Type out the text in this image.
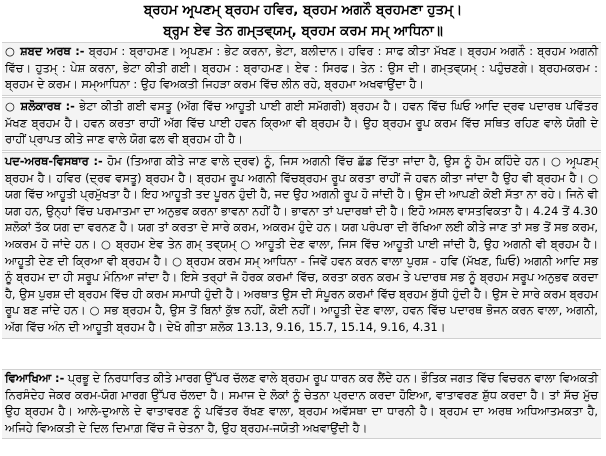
ਬ੍ਰਹਮ ਅਰ੍ਪਣਮ੍ ਬ੍ਰਹਮ ਹਵਿਰ, ਬ੍ਰਹਮ ਅਗਨੌ ਬ੍ਰਹਮਣਾ ਹੁਤਮ੍।
ਬ੍ਰਹ੍ਮ ਏਵ ਤੇਨ ਗਮ੍ਤਵ੍ਯਮ੍, ਬ੍ਰਹਮ ਕਰਮ ਸਮ੍ ਆਧਿਨਾ॥

○ ਸ਼ਬਦ ਅਰਥ :- ਬ੍ਰਹਮ : ਬ੍ਰਾਹਮਣ। ਅਰ੍ਪਣਮ : ਭੇਟ ਕਰਨਾ, ਭੇਟਾ, ਬਲੀਦਾਨ। ਹਵਿਰ : ਸਾਫ ਕੀਤਾ ਮੱਖਣ। ਬ੍ਰਹਮ ਅਗਨੌ : ਬ੍ਰਹਮ ਅਗਨੀ ਵਿੱਚ। ਹੁਤਮ੍ : ਪੇਸ਼ ਕਰਨਾ, ਭੇਟਾ ਕੀਤੀ ਗਈ। ਬ੍ਰਹਮ : ਬ੍ਰਾਹਮਣ। ਏਵ : ਸਿਰਫ। ਤੇਨ : ਉਸ ਦੀ। ਗਮ੍ਤਵ੍ਯਮ੍ : ਪਹੁੰਚਣਗੇ। ਬ੍ਰਹਮਕਰਮ : ਬ੍ਰਹਮ ਦੇ ਕਰਮ। ਸਮ੍ਆਧਿਨਾ : ਉਹ ਵਿਅਕਤੀ ਜਿਹੜਾ ਕਰਮ ਵਿੱਚ ਲੀਨ ਰਹੇ, ਬ੍ਰਹਮਾ ਅਖਵਾਉਂਦਾ ਹੈ।

○ ਸ਼ਲੋਕਾਰਥ :- ਭੇਟਾ ਕੀਤੀ ਗਈ ਵਸਤੂ (ਅੱਗ ਵਿੱਚ ਆਹੂਤੀ ਪਾਈ ਗਈ ਸਮੱਗਰੀ) ਬ੍ਰਹਮ ਹੈ। ਹਵਨ ਵਿੱਚ ਘਿਓ ਆਦਿ ਦ੍ਰਵ ਪਦਾਰਥ ਪਵਿੱਤਰ ਮੱਖਣ ਬ੍ਰਹਮ ਹੈ। ਹਵਨ ਕਰਤਾ ਰਾਹੀਂ ਅੱਗ ਵਿੱਚ ਪਾਈ ਹਵਨ ਕ੍ਰਿਆ ਵੀ ਬ੍ਰਹਮ ਹੈ। ਉਹ ਬ੍ਰਹਮ ਰੂਪ ਕਰਮ ਵਿੱਚ ਸਥਿਤ ਰਹਿਣ ਵਾਲੇ ਯੋਗੀ ਦੇ ਰਾਹੀਂ ਪ੍ਰਾਪਤ ਕੀਤੇ ਜਾਣ ਵਾਲੇ ਯੋਗ ਫਲ ਵੀ ਬ੍ਰਹਮ ਹੀ ਹੈ।

ਪਦ-ਅਰਥ-ਵਿਸਥਾਰ :- ਹੋਮ (ਤਿਆਗ ਕੀਤੇ ਜਾਣ ਵਾਲੇ ਦ੍ਰਵ) ਨੂੰ, ਜਿਸ ਅਗਨੀ ਵਿੱਚ ਛੱਡ ਦਿੱਤਾ ਜਾਂਦਾ ਹੈ, ਉਸ ਨੂੰ ਹੋਮ ਕਹਿੰਦੇ ਹਨ। ○ ਅਰ੍ਪਣਮ੍ ਬ੍ਰਹਮ ਹੈ। ਹਵਿਰ (ਦ੍ਰਵ ਵਸਤੂ) ਬ੍ਰਹਮ ਹੈ। ਬ੍ਰਹਮ ਰੂਪ ਅਗਨੀ ਵਿੱਚਬ੍ਰਹਮ ਰੂਪ ਕਰਤਾ ਰਾਹੀਂ ਜੋ ਹਵਨ ਕੀਤਾ ਜਾਂਦਾ ਹੈ ਉਹ ਵੀ ਬ੍ਰਹਮ ਹੈ। ○ ਯਗ ਵਿੱਚ ਆਹੂਤੀ ਪ੍ਰਮੁੱਖਤਾ ਹੈ। ਇਹ ਆਹੂਤੀ ਤਦ ਪੂਰਨ ਹੁੰਦੀ ਹੈ, ਜਦ ਉਹ ਅਗਨੀ ਰੂਪ ਹੋ ਜਾਂਦੀ ਹੈ। ਉਸ ਦੀ ਆਪਣੀ ਕੋਈ ਸੱਤਾ ਨਾ ਰਹੇ। ਜਿਨੇ ਵੀ ਯਗ ਹਨ, ਉਨ੍ਹਾਂ ਵਿੱਚ ਪਰਮਾਤਮਾ ਦਾ ਅਨੁਭਵ ਕਰਨਾ ਭਾਵਨਾ ਨਹੀਂ ਹੈ। ਭਾਵਨਾ ਤਾਂ ਪਦਾਰਥਾਂ ਦੀ ਹੈ। ਇਹੋ ਅਸਲ ਵਾਸਤਵਿਕਤਾ ਹੈ। 4.24 ਤੋਂ 4.30 ਸ਼ਲੋਕਾਂ ਤੱਕ ਯਗ ਦਾ ਵਰਨਣ ਹੈ। ਯਗ ਤਾਂ ਕਰਤਾ ਦੇ ਸਾਰੇ ਕਰਮ, ਅਕਰਮ ਹੁੰਦੇ ਹਨ। ਯਗ ਪਰੰਪਰਾ ਦੀ ਰੱਖਿਆ ਲਈ ਕੀਤੇ ਜਾਣ ਤਾਂ ਸਭ ਤੋਂ ਸਭ ਕਰਮ, ਅਕਰਮ ਹੋ ਜਾਂਦੇ ਹਨ। ○ ਬ੍ਰਹਮ ਏਵ ਤੇਨ ਗਮ੍ ਤਵ੍ਯਮ੍ ○ ਆਹੂਤੀ ਦੇਣ ਵਾਲਾ, ਜਿਸ ਵਿੱਚ ਆਹੂਤੀ ਪਾਈ ਜਾਂਦੀ ਹੈ, ਉਹ ਅਗਨੀ ਵੀ ਬ੍ਰਹਮ ਹੈ। ਆਹੂਤੀ ਦੇਣ ਦੀ ਕ੍ਰਿਆ ਵੀ ਬ੍ਰਹਮ ਹੈ। ○ ਬ੍ਰਹਮ ਕਰਮ ਸਮ੍ ਆਧਿਨਾ - ਜਿਵੇਂ ਹਵਨ ਕਰਨ ਵਾਲਾ ਪੁਰਸ਼ - ਹਵਿ (ਮੱਖਣ, ਘਿਓ) ਅਗਨੀ ਆਦਿ ਸਭ ਨੂੰ ਬ੍ਰਹਮ ਦਾ ਹੀ ਸਰੂਪ ਮੰਨਿਆ ਜਾਂਦਾ ਹੈ। ਇਸੇ ਤਰ੍ਹਾਂ ਜੋ ਹੋਰਕ ਕਰਮਾਂ ਵਿੱਚ, ਕਰਤਾ ਕਰਨ ਕਰਮ ਤੇ ਪਦਾਰਥ ਸਭ ਨੂੰ ਬ੍ਰਹਮ ਸਰੂਪ ਅਨੁਭਵ ਕਰਦਾ ਹੈ, ਉਸ ਪੁਰਸ਼ ਦੀ ਬ੍ਰਹਮ ਵਿੱਚ ਹੀ ਕਰਮ ਸਮਾਧੀ ਹੁੰਦੀ ਹੈ। ਅਰਥਾਤ ਉਸ ਦੀ ਸੰਪੂਰਨ ਕਰਮਾਂ ਵਿੱਚ ਬ੍ਰਹਮ ਬੁੱਧੀ ਹੁੰਦੀ ਹੈ। ਉਸ ਦੇ ਸਾਰੇ ਕਰਮ ਬ੍ਰਹਮ ਰੂਪ ਬਣ ਜਾਂਦੇ ਹਨ। ○ ਸਭ ਬ੍ਰਹਮ ਹੈ, ਉਸ ਤੋਂ ਬਿਨਾਂ ਕੁੱਝ ਨਹੀਂ, ਕੋਈ ਨਹੀਂ। ਆਹੂਤੀ ਦੇਣ ਵਾਲਾ, ਹਵਨ ਵਿੱਚ ਪਦਾਰਥ ਭੋਜਨ ਕਰਨ ਵਾਲਾ, ਅਗਨੀ, ਅੱਗ ਵਿੱਚ ਅੰਨ ਦੀ ਆਹੂਤੀ ਬ੍ਰਹਮ ਹੈ। ਦੇਖੋ ਗੀਤਾ ਸ਼ਲੋਕ 13.13, 9.16, 15.7, 15.14, 9.16, 4.31।

ਵਿਆਖਿਆ :- ਪ੍ਰਭੂ ਦੇ ਨਿਰਧਾਰਿਤ ਕੀਤੇ ਮਾਰਗ ਉੱਪਰ ਚੱਲਣ ਵਾਲੇ ਬ੍ਰਹਮ ਰੂਪ ਧਾਰਨ ਕਰ ਲੈਂਦੇ ਹਨ। ਭੌਤਿਕ ਜਗਤ ਵਿੱਚ ਵਿਚਰਨ ਵਾਲਾ ਵਿਅਕਤੀ ਨਿਰਸੰਦੇਹ ਜੇਕਰ ਕਰਮ-ਯੋਗ ਮਾਰਗ ਉੱਪਰ ਚੱਲਦਾ ਹੈ। ਸਮਾਜ ਦੇ ਲੋਕਾਂ ਨੂੰ ਚੇਤਨਾ ਪ੍ਰਦਾਨ ਕਰਦਾ ਹੋਇਆ, ਵਾਤਾਵਰਣ ਸ਼ੁੱਧ ਕਰਦਾ ਹੈ। ਤਾਂ ਸੱਚ ਮੁੱਚ ਉਹ ਬ੍ਰਹਮ ਹੈ। ਆਲੇ-ਦੁਆਲੇ ਦੇ ਵਾਤਾਵਰਣ ਨੂੰ ਪਵਿੱਤਰ ਰੱਖਣ ਵਾਲਾ, ਬ੍ਰਹਮ ਅਵੱਸਥਾ ਦਾ ਧਾਰਨੀ ਹੈ। ਬ੍ਰਹਮ ਦਾ ਅਰਥ ਅਧਿਆਤਮਕਤਾ ਹੈ, ਅਜਿਹੇ ਵਿਅਕਤੀ ਦੇ ਦਿਲ ਦਿਮਾਗ਼ ਵਿੱਚ ਜੋ ਚੇਤਨਾ ਹੈ, ਉਹ ਬ੍ਰਹਮ-ਜਯੋਤੀ ਅਖਵਾਉਂਦੀ ਹੈ।
